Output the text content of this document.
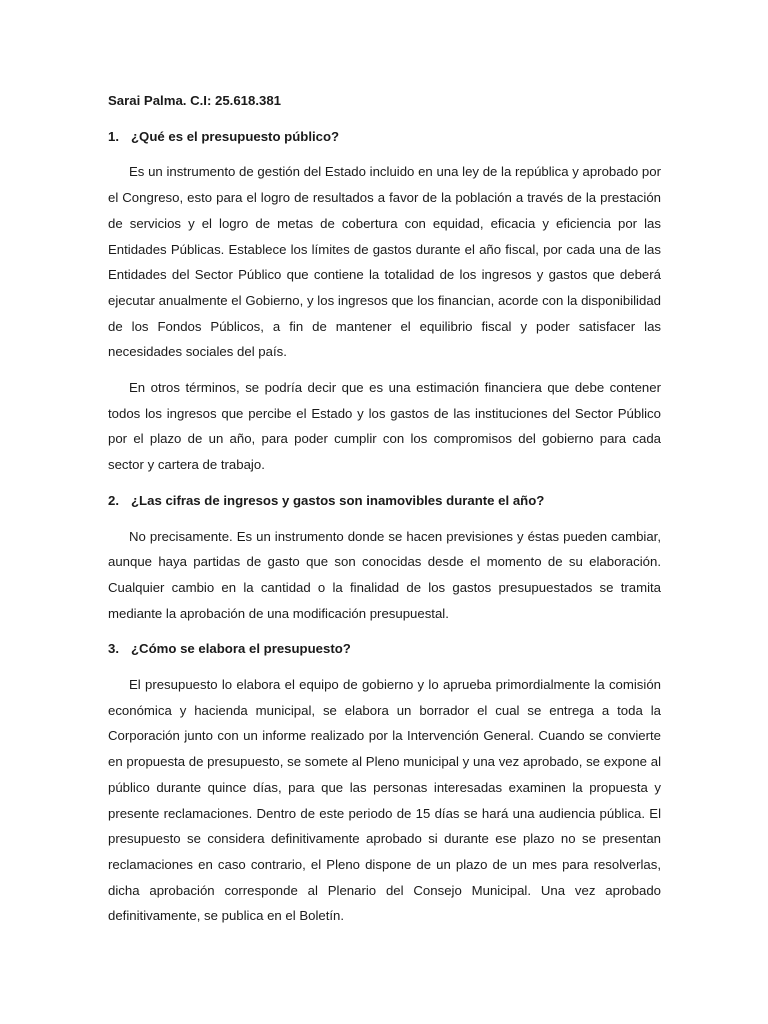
Sarai Palma. C.I: 25.618.381

1. ¿Qué es el presupuesto público?

Es un instrumento de gestión del Estado incluido en una ley de la república y aprobado por el Congreso, esto para el logro de resultados a favor de la población a través de la prestación de servicios y el logro de metas de cobertura con equidad, eficacia y eficiencia por las Entidades Públicas. Establece los límites de gastos durante el año fiscal, por cada una de las Entidades del Sector Público que contiene la totalidad de los ingresos y gastos que deberá ejecutar anualmente el Gobierno, y los ingresos que los financian, acorde con la disponibilidad de los Fondos Públicos, a fin de mantener el equilibrio fiscal y poder satisfacer las necesidades sociales del país.

En otros términos, se podría decir que es una estimación financiera que debe contener todos los ingresos que percibe el Estado y los gastos de las instituciones del Sector Público por el plazo de un año, para poder cumplir con los compromisos del gobierno para cada sector y cartera de trabajo.

2. ¿Las cifras de ingresos y gastos son inamovibles durante el año?

No precisamente. Es un instrumento donde se hacen previsiones y éstas pueden cambiar, aunque haya partidas de gasto que son conocidas desde el momento de su elaboración. Cualquier cambio en la cantidad o la finalidad de los gastos presupuestados se tramita mediante la aprobación de una modificación presupuestal.

3. ¿Cómo se elabora el presupuesto?

El presupuesto lo elabora el equipo de gobierno y lo aprueba primordialmente la comisión económica y hacienda municipal, se elabora un borrador el cual se entrega a toda la Corporación junto con un informe realizado por la Intervención General. Cuando se convierte en propuesta de presupuesto, se somete al Pleno municipal y una vez aprobado, se expone al público durante quince días, para que las personas interesadas examinen la propuesta y presente reclamaciones. Dentro de este periodo de 15 días se hará una audiencia pública. El presupuesto se considera definitivamente aprobado si durante ese plazo no se presentan reclamaciones en caso contrario, el Pleno dispone de un plazo de un mes para resolverlas, dicha aprobación corresponde al Plenario del Consejo Municipal. Una vez aprobado definitivamente, se publica en el Boletín.
